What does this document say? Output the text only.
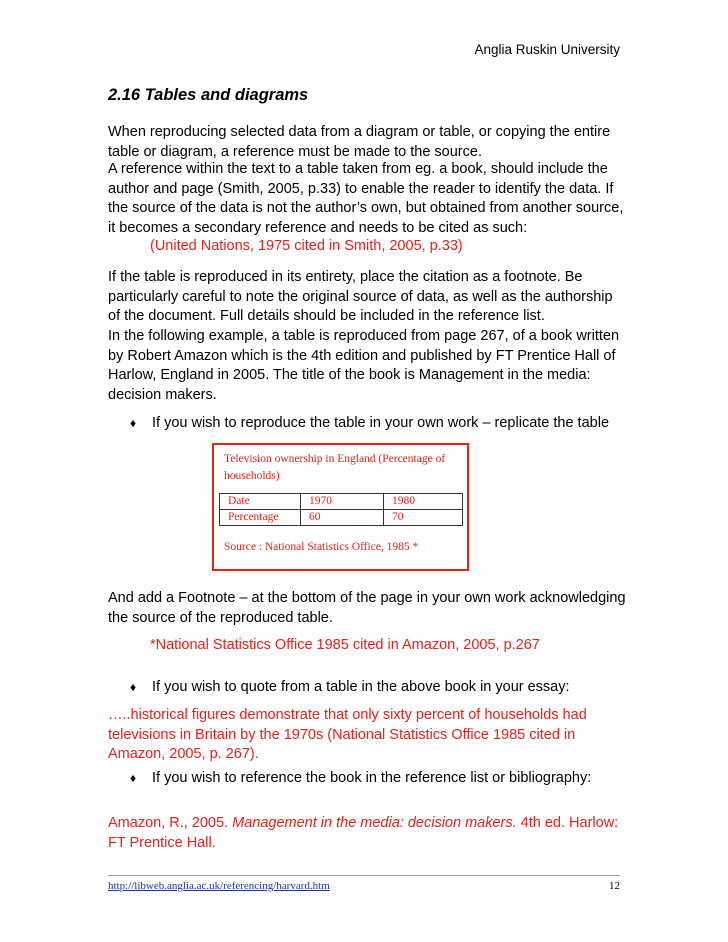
Anglia Ruskin University
2.16 Tables and diagrams
When reproducing selected data from a diagram or table, or copying the entire table or diagram, a reference must be made to the source.
A reference within the text to a table taken from eg. a book, should include the author and page (Smith, 2005, p.33) to enable the reader to identify the data. If the source of the data is not the author’s own, but obtained from another source, it becomes a secondary reference and needs to be cited as such:
(United Nations, 1975 cited in Smith, 2005, p.33)
If the table is reproduced in its entirety, place the citation as a footnote. Be particularly careful to note the original source of data, as well as the authorship of the document. Full details should be included in the reference list.
In the following example, a table is reproduced from page 267, of a book written by Robert Amazon which is the 4th edition and published by FT Prentice Hall of Harlow, England in 2005. The title of the book is Management in the media: decision makers.
♦ If you wish to reproduce the table in your own work – replicate the table
Television ownership in England (Percentage of households)
Date	1970	1980
Percentage	60	70
Source : National Statistics Office, 1985 *
And add a Footnote – at the bottom of the page in your own work acknowledging the source of the reproduced table.
*National Statistics Office 1985 cited in Amazon, 2005, p.267
♦ If you wish to quote from a table in the above book in your essay:
…..historical figures demonstrate that only sixty percent of households had televisions in Britain by the 1970s (National Statistics Office 1985 cited in Amazon, 2005, p. 267).
♦ If you wish to reference the book in the reference list or bibliography:
Amazon, R., 2005. Management in the media: decision makers. 4th ed. Harlow: FT Prentice Hall.
http://libweb.anglia.ac.uk/referencing/harvard.htm	12
